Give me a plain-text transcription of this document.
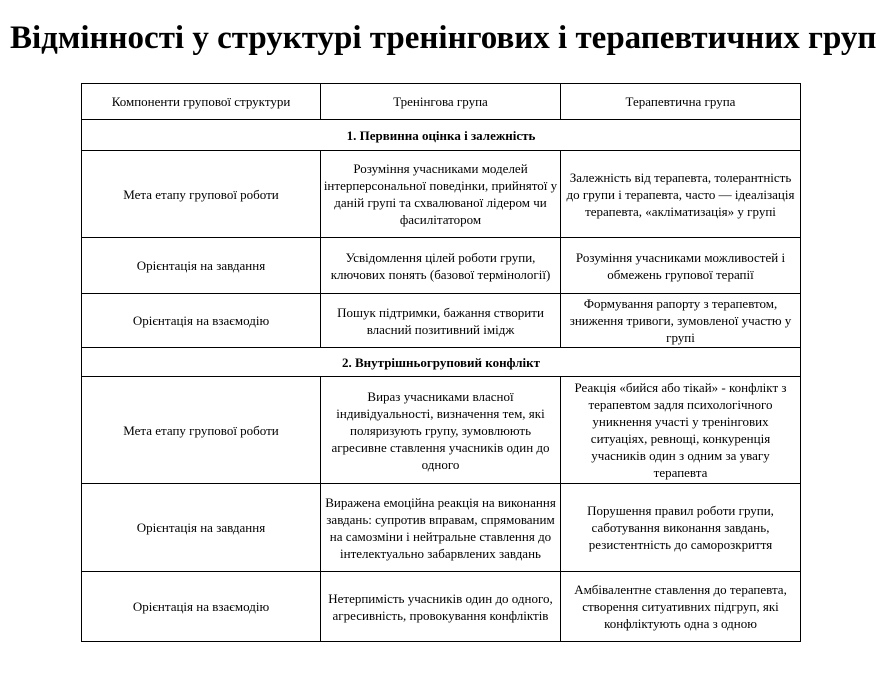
Відмінності у структурі тренінгових і терапевтичних груп
Компоненти групової структури	Тренінгова група	Терапевтична група
1. Первинна оцінка і залежність		
Мета етапу групової роботи	Розуміння учасниками моделей інтерперсональної поведінки, прийнятої у даній групі та схвалюваної лідером чи фасилітатором	Залежність від терапевта, толерантність до групи і терапевта, часто — ідеалізація терапевта, «акліматизація» у групі
Орієнтація на завдання	Усвідомлення цілей роботи групи, ключових понять (базової термінології)	Розуміння учасниками можливостей і обмежень групової терапії
Орієнтація на взаємодію	Пошук підтримки, бажання створити власний позитивний імідж	Формування рапорту з терапевтом, зниження тривоги, зумовленої участю у групі
2. Внутрішньогруповий конфлікт		
Мета етапу групової роботи	Вираз учасниками власної індивідуальності, визначення тем, які поляризують групу, зумовлюють агресивне ставлення учасників один до одного	Реакція «бийся або тікай» - конфлікт з терапевтом задля психологічного уникнення участі у тренінгових ситуаціях, ревнощі, конкуренція учасників один з одним за увагу терапевта
Орієнтація на завдання	Виражена емоційна реакція на виконання завдань: супротив вправам, спрямованим на самозміни і нейтральне ставлення до інтелектуально забарвлених завдань	Порушення правил роботи групи, саботування виконання завдань, резистентність до саморозкриття
Орієнтація на взаємодію	Нетерпимість учасників один до одного, агресивність, провокування конфліктів	Амбівалентне ставлення до терапевта, створення ситуативних підгруп, які конфліктують одна з одною
